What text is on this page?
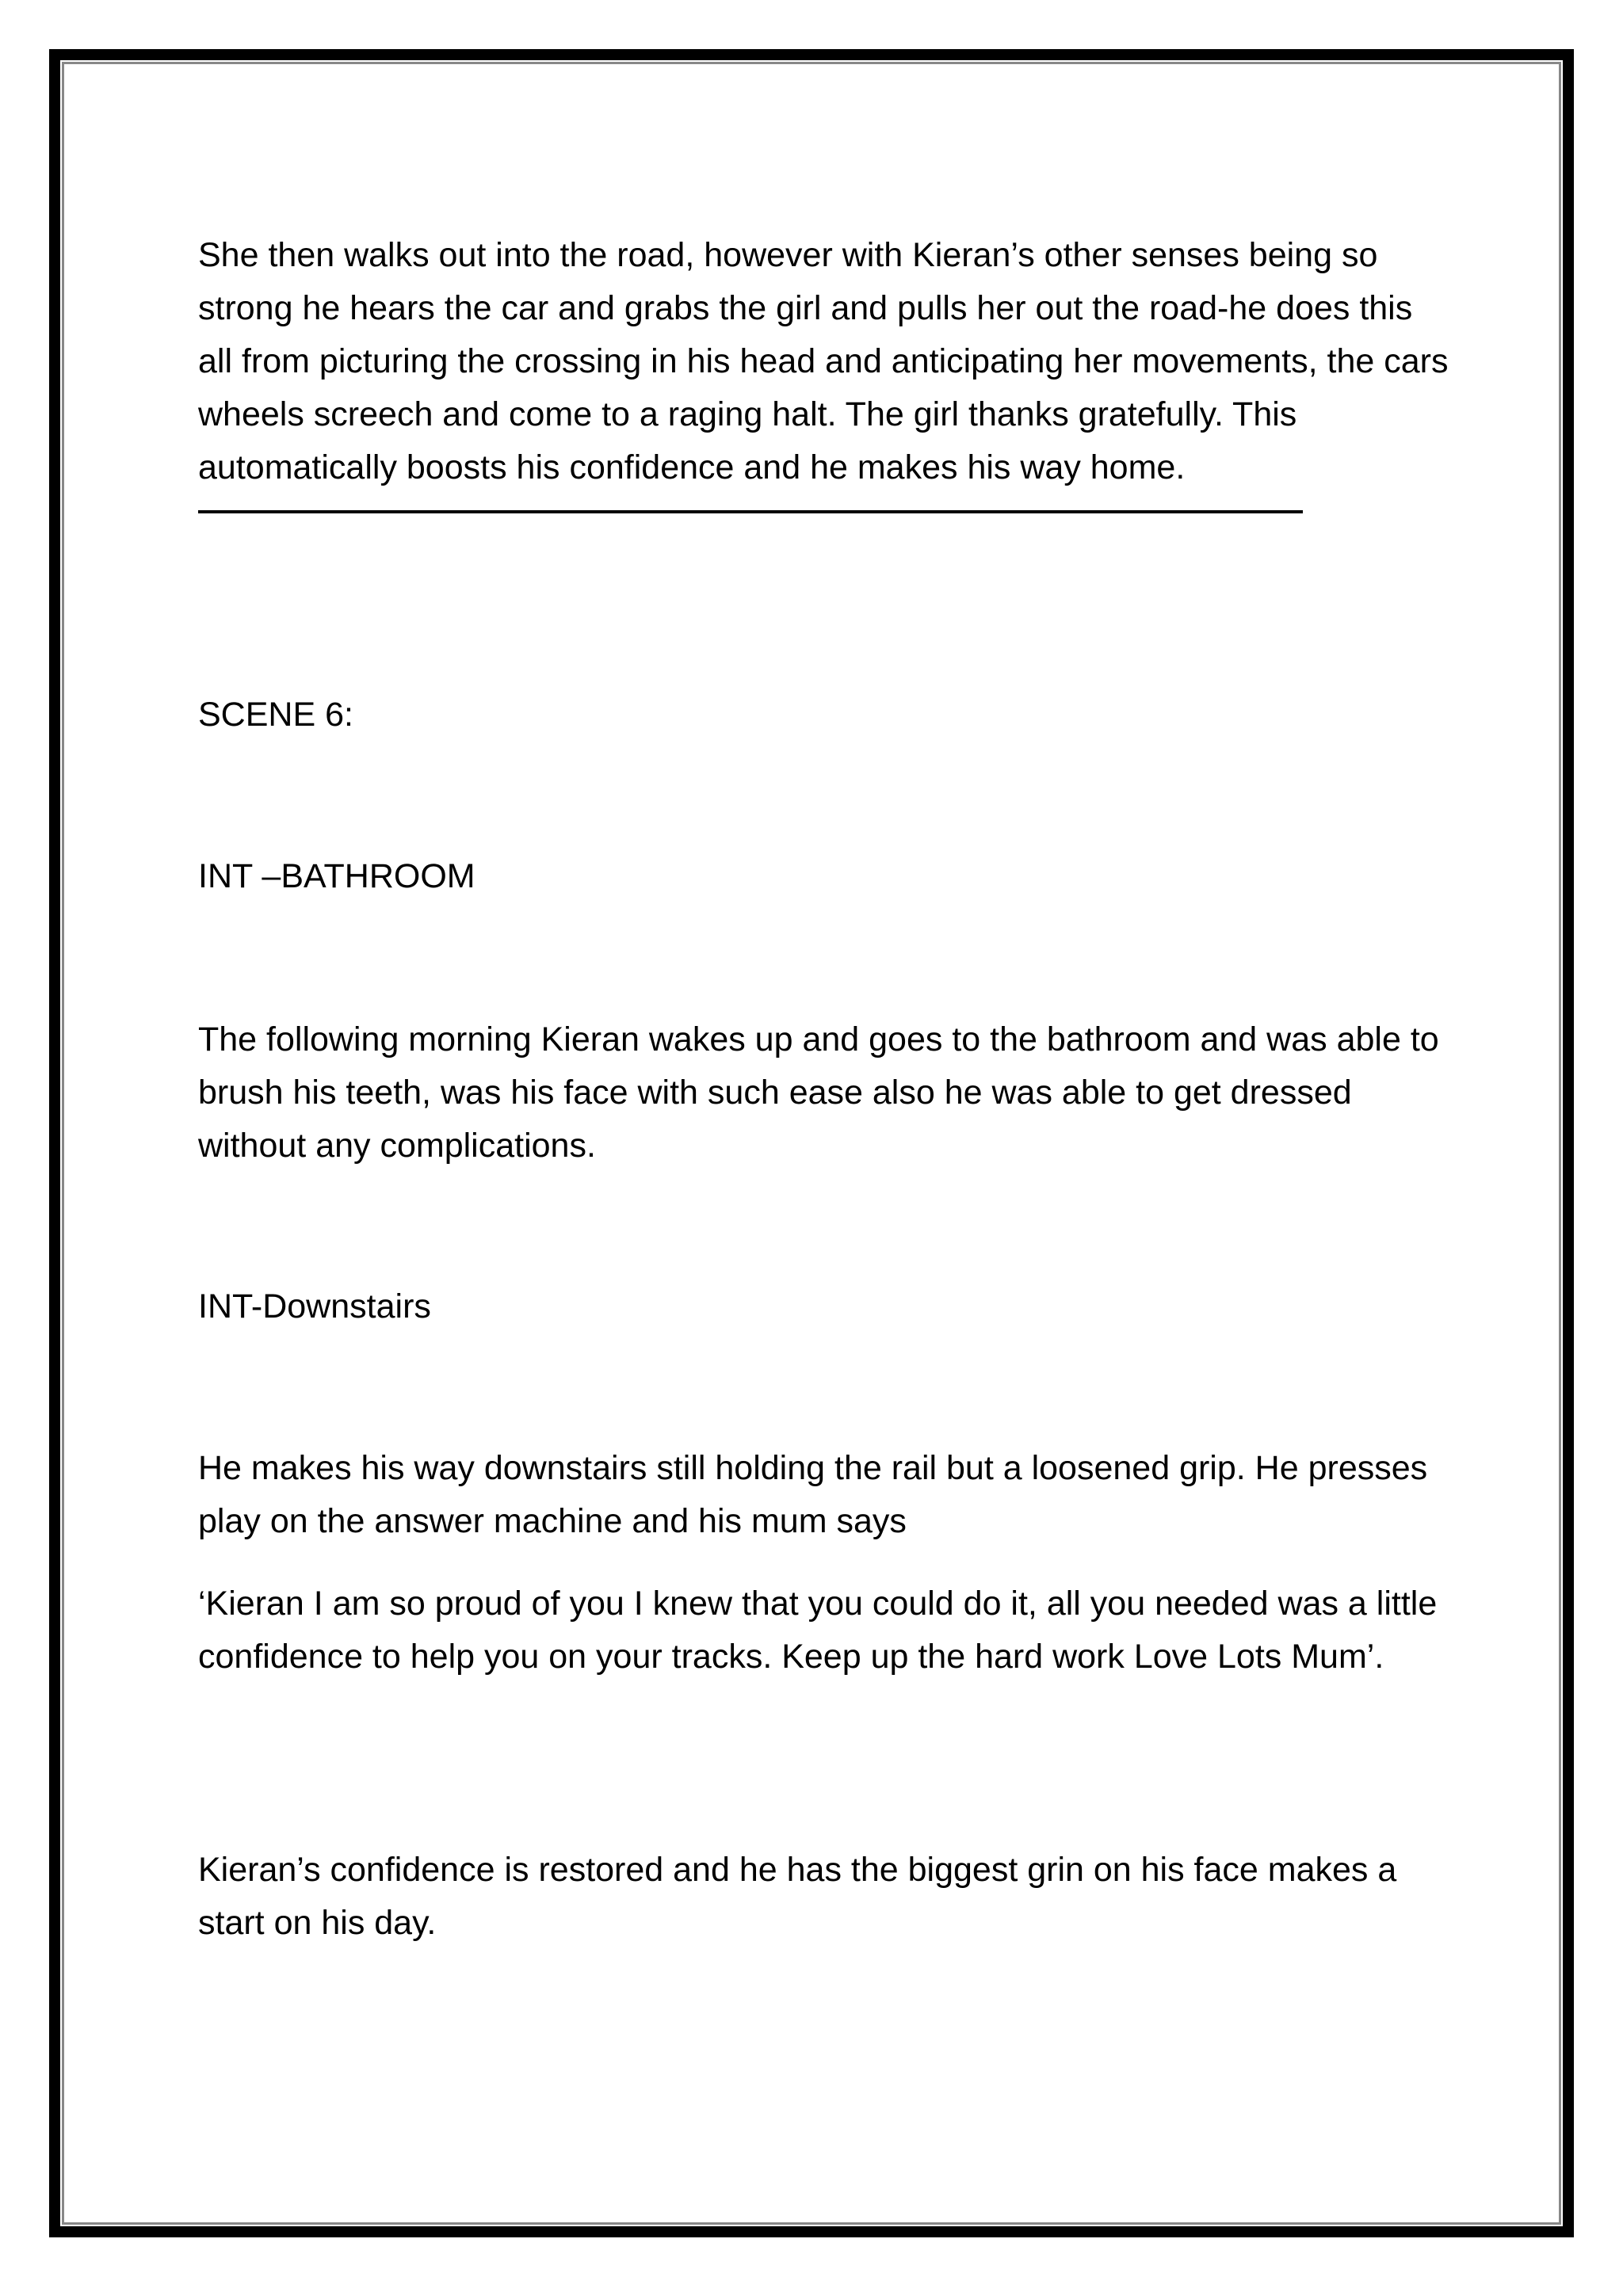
She then walks out into the road, however with Kieran’s other senses being so strong he hears the car and grabs the girl and pulls her out the road-he does this all from picturing the crossing in his head and anticipating her movements, the cars wheels screech and come to a raging halt. The girl thanks gratefully. This automatically boosts his confidence and he makes his way home.

SCENE 6:

INT –BATHROOM

The following morning Kieran wakes up and goes to the bathroom and was able to brush his teeth, was his face with such ease also he was able to get dressed without any complications.

INT-Downstairs

He makes his way downstairs still holding the rail but a loosened grip. He presses play on the answer machine and his mum says

‘Kieran I am so proud of you I knew that you could do it, all you needed was a little confidence to help you on your tracks. Keep up the hard work Love Lots Mum’.

Kieran’s confidence is restored and he has the biggest grin on his face makes a start on his day.
